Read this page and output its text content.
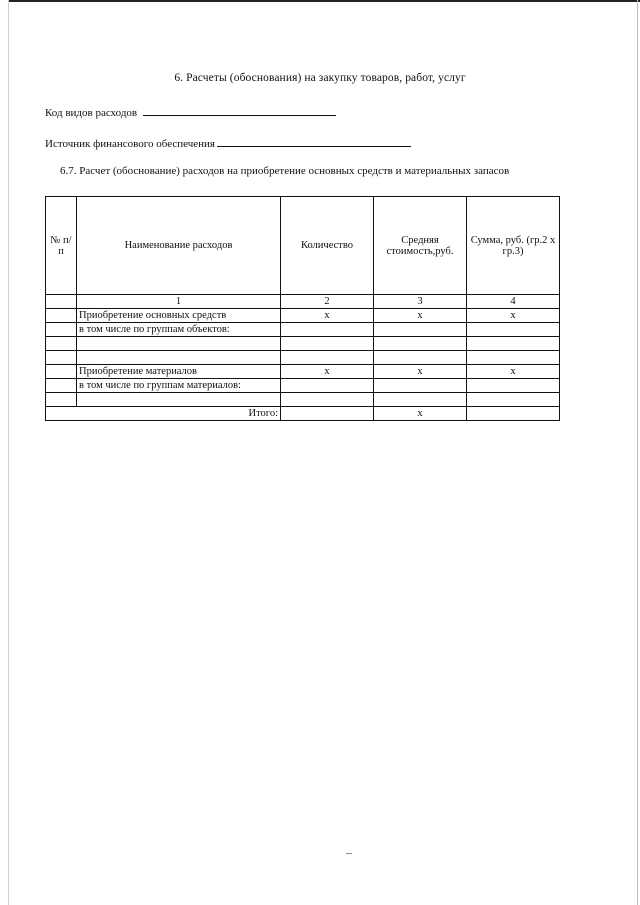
6. Расчеты (обоснования) на закупку товаров, работ, услуг
Код видов расходов
Источник финансового обеспечения
6.7. Расчет (обоснование) расходов на приобретение основных средств и материальных запасов
№ п/п	Наименование расходов	Количество	Средняя стоимость,руб.	Сумма, руб. (гр.2 х гр.3)
	1	2	3	4
	Приобретение основных средств	х	х	х
	в том числе по группам объектов:			

	Приобретение материалов	х	х	х
	в том числе по группам материалов:			

Итого:			х	
